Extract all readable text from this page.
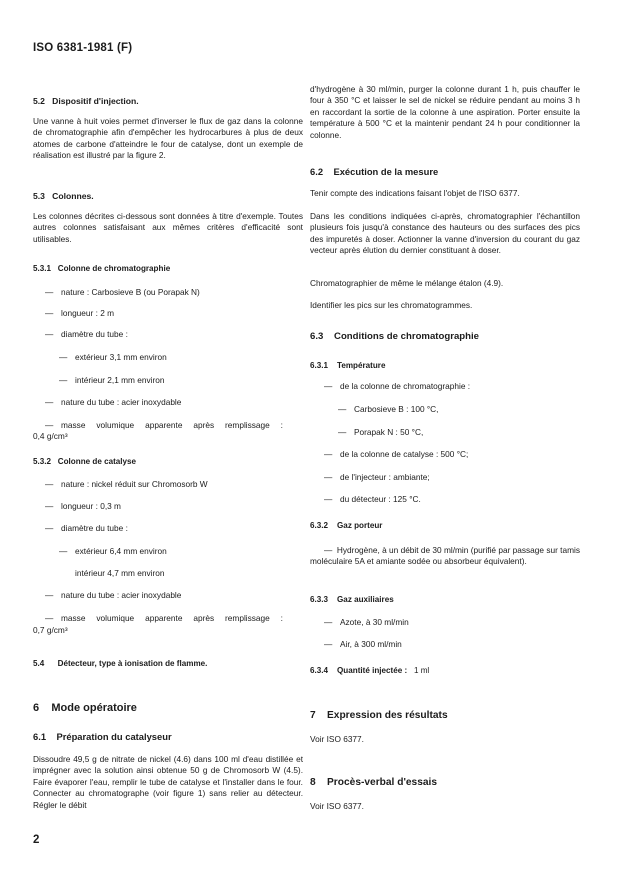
ISO 6381-1981 (F)
5.2 Dispositif d'injection.

Une vanne à huit voies permet d'inverser le flux de gaz dans la colonne de chromatographie afin d'empêcher les hydrocarbures à plus de deux atomes de carbone d'atteindre le four de catalyse, dont un exemple de réalisation est illustré par la figure 2.

5.3 Colonnes.

Les colonnes décrites ci-dessous sont données à titre d'exemple. Toutes autres colonnes satisfaisant aux mêmes critères d'efficacité sont utilisables.

5.3.1 Colonne de chromatographie
— nature : Carbosieve B (ou Porapak N)
— longueur : 2 m
— diamètre du tube :
— extérieur 3,1 mm environ
— intérieur 2,1 mm environ
— nature du tube : acier inoxydable
— masse volumique apparente après remplissage :
0,4 g/cm³
5.3.2 Colonne de catalyse
— nature : nickel réduit sur Chromosorb W
— longueur : 0,3 m
— diamètre du tube :
— extérieur 6,4 mm environ
intérieur 4,7 mm environ
— nature du tube : acier inoxydable
— masse volumique apparente après remplissage :
0,7 g/cm³
5.4 Détecteur, type à ionisation de flamme.
6 Mode opératoire
6.1 Préparation du catalyseur

Dissoudre 49,5 g de nitrate de nickel (4.6) dans 100 ml d'eau distillée et imprégner avec la solution ainsi obtenue 50 g de Chromosorb W (4.5). Faire évaporer l'eau, remplir le tube de catalyse et l'installer dans le four. Connecter au chromatographe (voir figure 1) sans relier au détecteur. Régler le débit

d'hydrogène à 30 ml/min, purger la colonne durant 1 h, puis chauffer le four à 350 °C et laisser le sel de nickel se réduire pendant au moins 3 h en raccordant la sortie de la colonne à une aspiration. Porter ensuite la température à 500 °C et la maintenir pendant 24 h pour conditionner la colonne.

6.2 Exécution de la mesure

Tenir compte des indications faisant l'objet de l'ISO 6377.

Dans les conditions indiquées ci-après, chromatographier l'échantillon plusieurs fois jusqu'à constance des hauteurs ou des surfaces des pics des impuretés à doser. Actionner la vanne d'inversion du courant du gaz vecteur après élution du dernier constituant à doser.

Chromatographier de même le mélange étalon (4.9).

Identifier les pics sur les chromatogrammes.

6.3 Conditions de chromatographie
6.3.1 Température
— de la colonne de chromatographie :
— Carbosieve B : 100 °C,
— Porapak N : 50 °C,
— de la colonne de catalyse : 500 °C;
— de l'injecteur : ambiante;
— du détecteur : 125 °C.
6.3.2 Gaz porteur

—  Hydrogène, à un débit de 30 ml/min (purifié par passage sur tamis moléculaire 5A et amiante sodée ou absorbeur équivalent).

6.3.3 Gaz auxiliaires
— Azote, à 30 ml/min
— Air, à 300 ml/min
6.3.4 Quantité injectée : 1 ml
7 Expression des résultats

Voir ISO 6377.

8 Procès-verbal d'essais

Voir ISO 6377.

2
